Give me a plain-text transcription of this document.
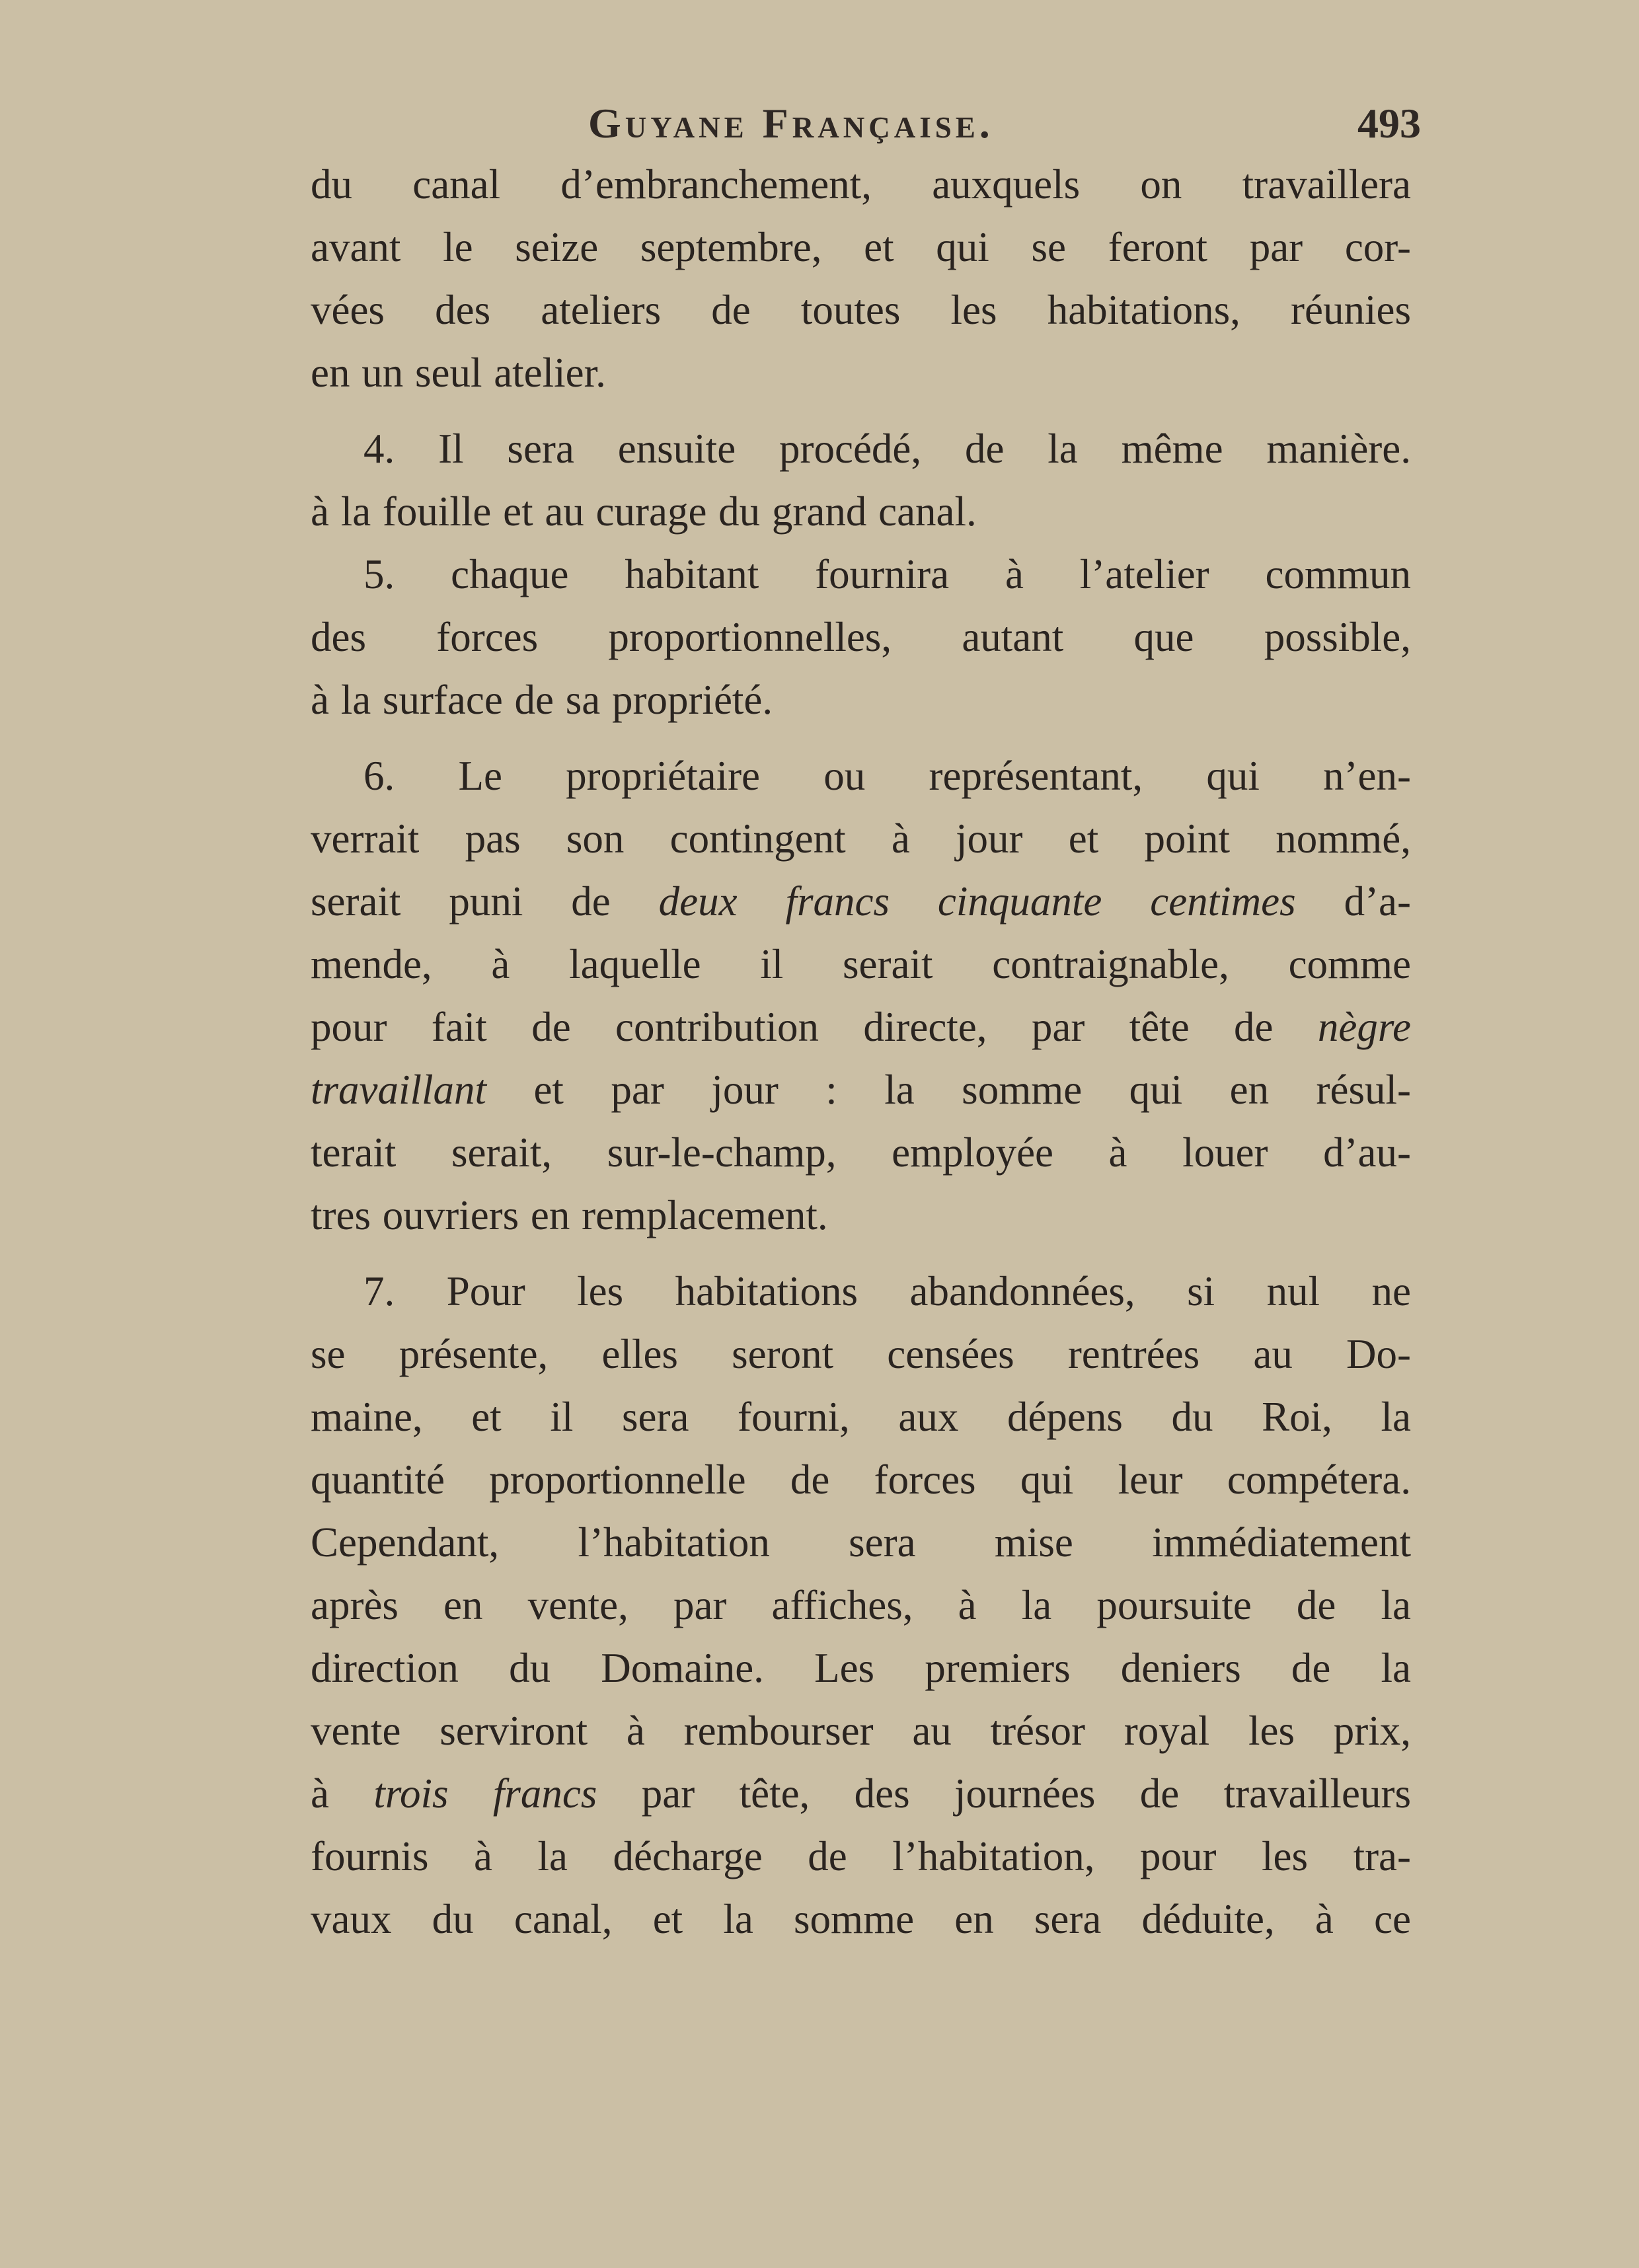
Guyane Française.	493
du canal d’embranchement, auxquels on travaillera
avant le seize septembre, et qui se feront par cor-
vées des ateliers de toutes les habitations, réunies
en un seul atelier.
4. Il sera ensuite procédé, de la même manière.
à la fouille et au curage du grand canal.
5. chaque habitant fournira à l’atelier commun
des forces proportionnelles, autant que possible,
à la surface de sa propriété.
6. Le propriétaire ou représentant, qui n’en-
verrait pas son contingent à jour et point nommé,
serait puni de deux francs cinquante centimes d’a-
mende, à laquelle il serait contraignable, comme
pour fait de contribution directe, par tête de nègre
travaillant et par jour : la somme qui en résul-
terait serait, sur-le-champ, employée à louer d’au-
tres ouvriers en remplacement.
7. Pour les habitations abandonnées, si nul ne
se présente, elles seront censées rentrées au Do-
maine, et il sera fourni, aux dépens du Roi, la
quantité proportionnelle de forces qui leur compétera.
Cependant, l’habitation sera mise immédiatement
après en vente, par affiches, à la poursuite de la
direction du Domaine. Les premiers deniers de la
vente serviront à rembourser au trésor royal les prix,
à trois francs par tête, des journées de travailleurs
fournis à la décharge de l’habitation, pour les tra-
vaux du canal, et la somme en sera déduite, à ce
